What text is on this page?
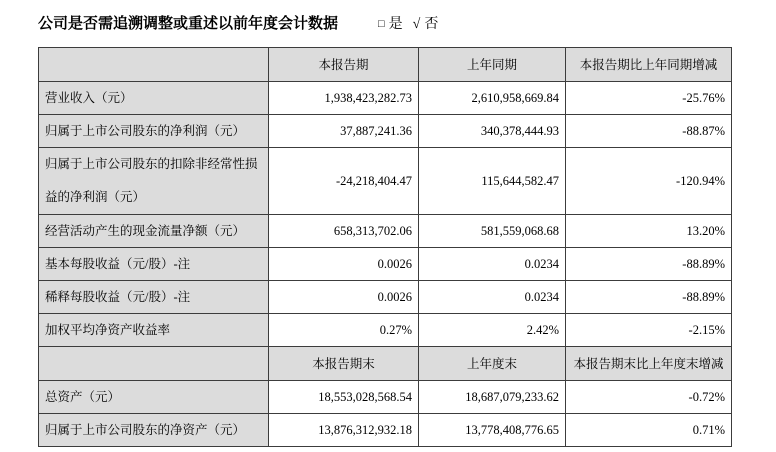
公司是否需追溯调整或重述以前年度会计数据	□ 是 √ 否
	本报告期	上年同期	本报告期比上年同期增减
营业收入（元）	1,938,423,282.73	2,610,958,669.84	-25.76%
归属于上市公司股东的净利润（元）	37,887,241.36	340,378,444.93	-88.87%
归属于上市公司股东的扣除非经常性损益的净利润（元）	-24,218,404.47	115,644,582.47	-120.94%
经营活动产生的现金流量净额（元）	658,313,702.06	581,559,068.68	13.20%
基本每股收益（元/股）-注	0.0026	0.0234	-88.89%
稀释每股收益（元/股）-注	0.0026	0.0234	-88.89%
加权平均净资产收益率	0.27%	2.42%	-2.15%
	本报告期末	上年度末	本报告期末比上年度末增减
总资产（元）	18,553,028,568.54	18,687,079,233.62	-0.72%
归属于上市公司股东的净资产（元）	13,876,312,932.18	13,778,408,776.65	0.71%
